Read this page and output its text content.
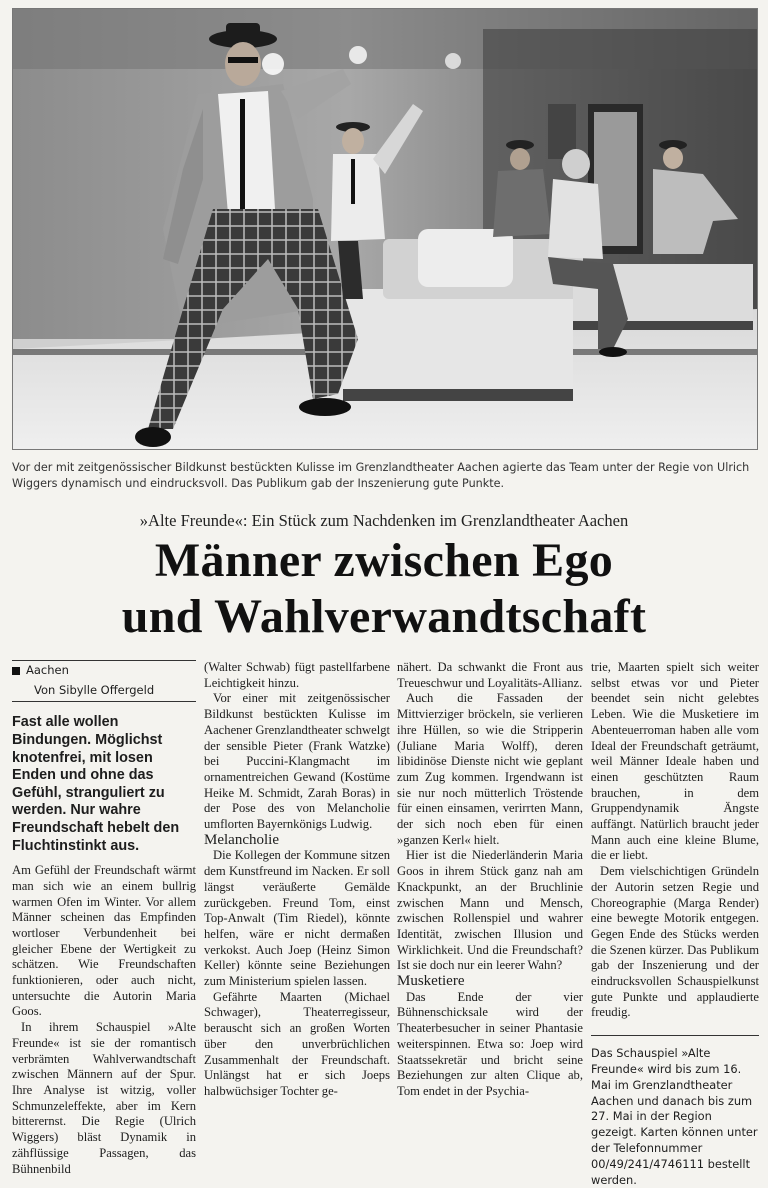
Vor der mit zeitgenössischer Bildkunst bestückten Kulisse im Grenzlandtheater Aachen agierte das Team unter der Regie von Ulrich Wiggers dynamisch und eindrucksvoll. Das Publikum gab der Inszenierung gute Punkte.
»Alte Freunde«: Ein Stück zum Nachdenken im Grenzlandtheater Aachen
Männer zwischen Ego
und Wahlverwandtschaft
Aachen
Von Sibylle Offergeld
Fast alle wollen Bindungen. Möglichst knotenfrei, mit losen Enden und ohne das Gefühl, stranguliert zu werden. Nur wahre Freundschaft hebelt den Fluchtinstinkt aus.

Am Gefühl der Freundschaft wärmt man sich wie an einem bullrig warmen Ofen im Winter. Vor allem Männer scheinen das Empfinden wortloser Verbundenheit bei gleicher Ebene der Wertigkeit zu schätzen. Wie Freundschaften funktionieren, oder auch nicht, untersuchte die Autorin Maria Goos.

In ihrem Schauspiel »Alte Freunde« ist sie der romantisch verbrämten Wahlverwandtschaft zwischen Männern auf der Spur. Ihre Analyse ist witzig, voller Schmunzeleffekte, aber im Kern bitterernst. Die Regie (Ulrich Wiggers) bläst Dynamik in zähflüssige Passagen, das Bühnenbild

(Walter Schwab) fügt pastellfarbene Leichtigkeit hinzu.

Vor einer mit zeitgenössischer Bildkunst bestückten Kulisse im Aachener Grenzlandtheater schwelgt der sensible Pieter (Frank Watzke) bei Puccini-Klangmacht im ornamentreichen Gewand (Kostüme Heike M. Schmidt, Zarah Boras) in der Pose des von Melancholie umflorten Bayernkönigs Ludwig.

Melancholie

Die Kollegen der Kommune sitzen dem Kunstfreund im Nacken. Er soll längst veräußerte Gemälde zurückgeben. Freund Tom, einst Top-Anwalt (Tim Riedel), könnte helfen, wäre er nicht dermaßen verkokst. Auch Joep (Heinz Simon Keller) könnte seine Beziehungen zum Ministerium spielen lassen.

Gefährte Maarten (Michael Schwager), Theaterregisseur, berauscht sich an großen Worten über den unverbrüchlichen Zusammenhalt der Freundschaft. Unlängst hat er sich Joeps halbwüchsiger Tochter ge-

nähert. Da schwankt die Front aus Treueschwur und Loyalitäts-Allianz.

Auch die Fassaden der Mittvierziger bröckeln, sie verlieren ihre Hüllen, so wie die Stripperin (Juliane Maria Wolff), deren libidinöse Dienste nicht wie geplant zum Zug kommen. Irgendwann ist sie nur noch mütterlich Tröstende für einen einsamen, verirrten Mann, der sich noch eben für einen »ganzen Kerl« hielt.

Hier ist die Niederländerin Maria Goos in ihrem Stück ganz nah am Knackpunkt, an der Bruchlinie zwischen Mann und Mensch, zwischen Rollenspiel und wahrer Identität, zwischen Illusion und Wirklichkeit. Und die Freundschaft? Ist sie doch nur ein leerer Wahn?

Musketiere

Das Ende der vier Bühnenschicksale wird der Theaterbesucher in seiner Phantasie weiterspinnen. Etwa so: Joep wird Staatssekretär und bricht seine Beziehungen zur alten Clique ab, Tom endet in der Psychia-

trie, Maarten spielt sich weiter selbst etwas vor und Pieter beendet sein nicht gelebtes Leben. Wie die Musketiere im Abenteuerroman haben alle vom Ideal der Freundschaft geträumt, weil Männer Ideale haben und einen geschützten Raum brauchen, in dem Gruppendynamik Ängste auffängt. Natürlich braucht jeder Mann auch eine kleine Blume, die er liebt.

Dem vielschichtigen Gründeln der Autorin setzen Regie und Choreographie (Marga Render) eine bewegte Motorik entgegen. Gegen Ende des Stücks werden die Szenen kürzer. Das Publikum gab der Inszenierung und der eindrucksvollen Schauspielkunst gute Punkte und applaudierte freudig.

Das Schauspiel »Alte Freunde« wird bis zum 16. Mai im Grenzlandtheater Aachen und danach bis zum 27. Mai in der Region gezeigt. Karten können unter der Telefonnummer 00/49/241/4746111 bestellt werden.
